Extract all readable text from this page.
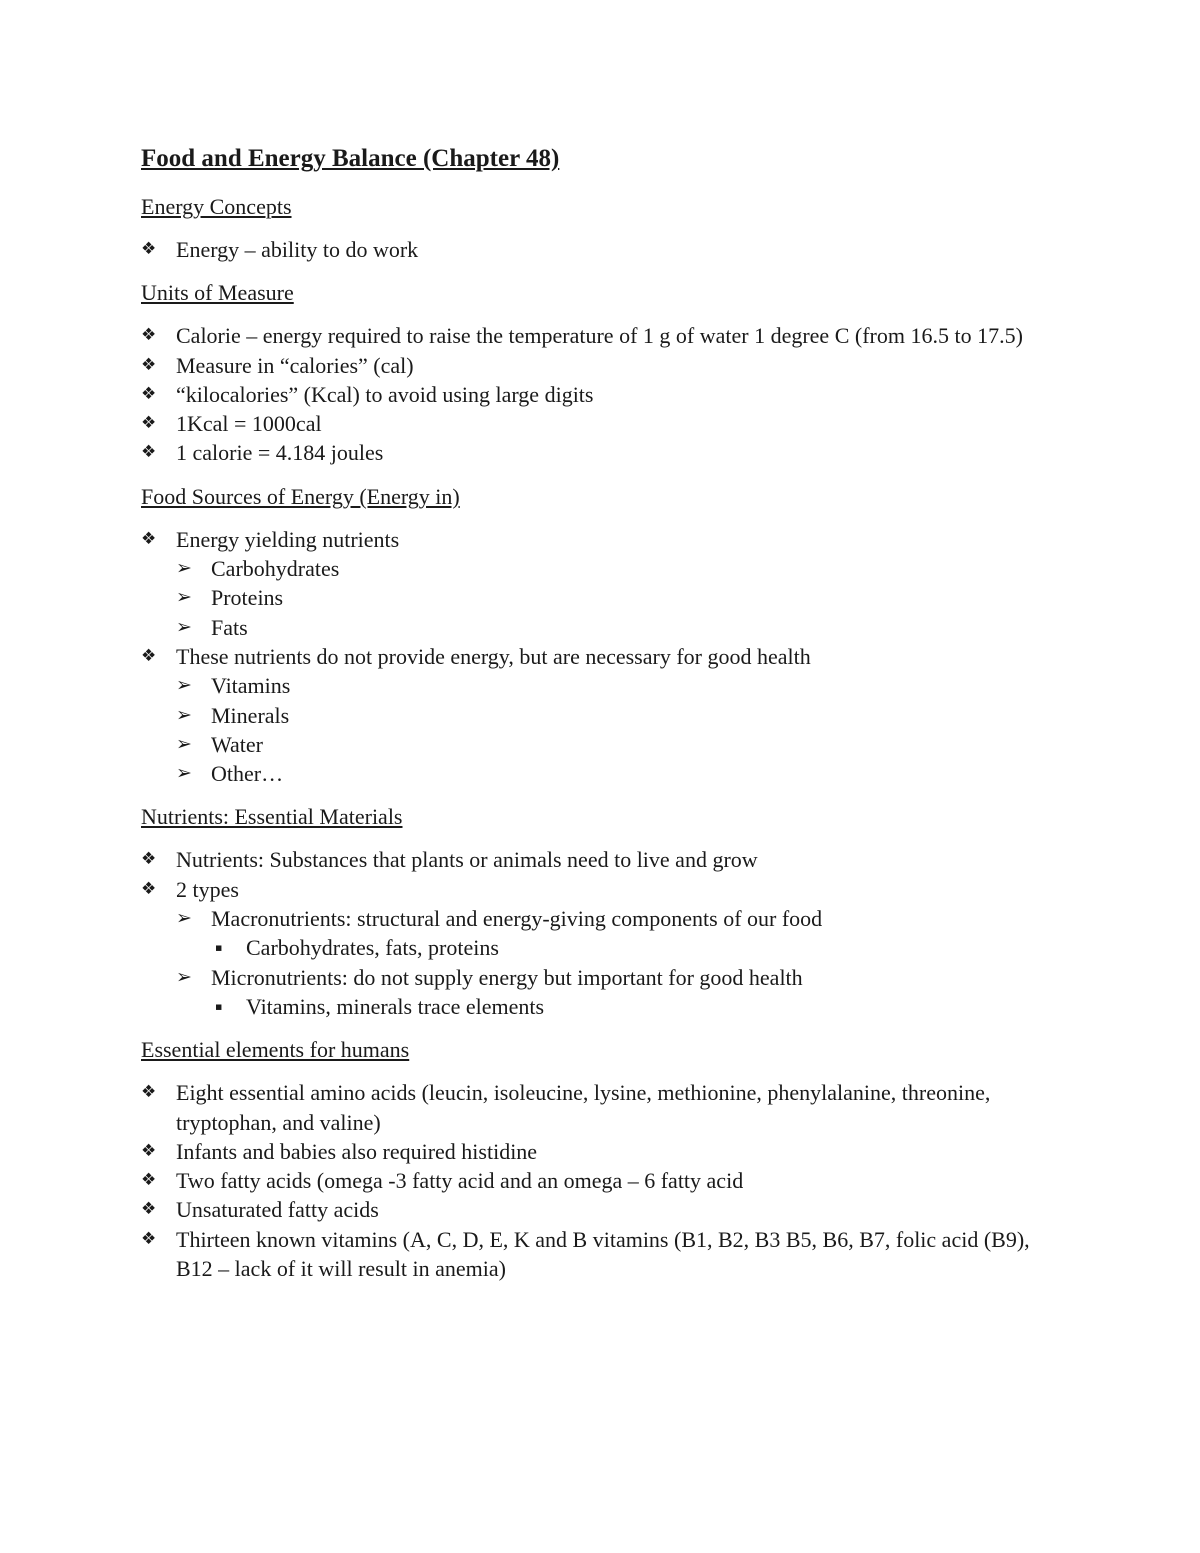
Food and Energy Balance (Chapter 48)
Energy Concepts
❖ Energy – ability to do work
Units of Measure
❖ Calorie – energy required to raise the temperature of 1 g of water 1 degree C (from 16.5 to 17.5)
❖ Measure in “calories” (cal)
❖ “kilocalories” (Kcal) to avoid using large digits
❖ 1Kcal = 1000cal
❖ 1 calorie = 4.184 joules
Food Sources of Energy (Energy in)
❖ Energy yielding nutrients
➢ Carbohydrates
➢ Proteins
➢ Fats
❖ These nutrients do not provide energy, but are necessary for good health
➢ Vitamins
➢ Minerals
➢ Water
➢ Other…
Nutrients: Essential Materials
❖ Nutrients: Substances that plants or animals need to live and grow
❖ 2 types
➢ Macronutrients: structural and energy-giving components of our food
▪	Carbohydrates, fats, proteins
➢ Micronutrients: do not supply energy but important for good health
▪	Vitamins, minerals trace elements
Essential elements for humans
❖ Eight essential amino acids (leucin, isoleucine, lysine, methionine, phenylalanine, threonine, tryptophan, and valine)
❖ Infants and babies also required histidine
❖ Two fatty acids (omega -3 fatty acid and an omega – 6 fatty acid
❖ Unsaturated fatty acids
❖ Thirteen known vitamins (A, C, D, E, K and B vitamins (B1, B2, B3 B5, B6, B7, folic acid (B9), B12 – lack of it will result in anemia)
